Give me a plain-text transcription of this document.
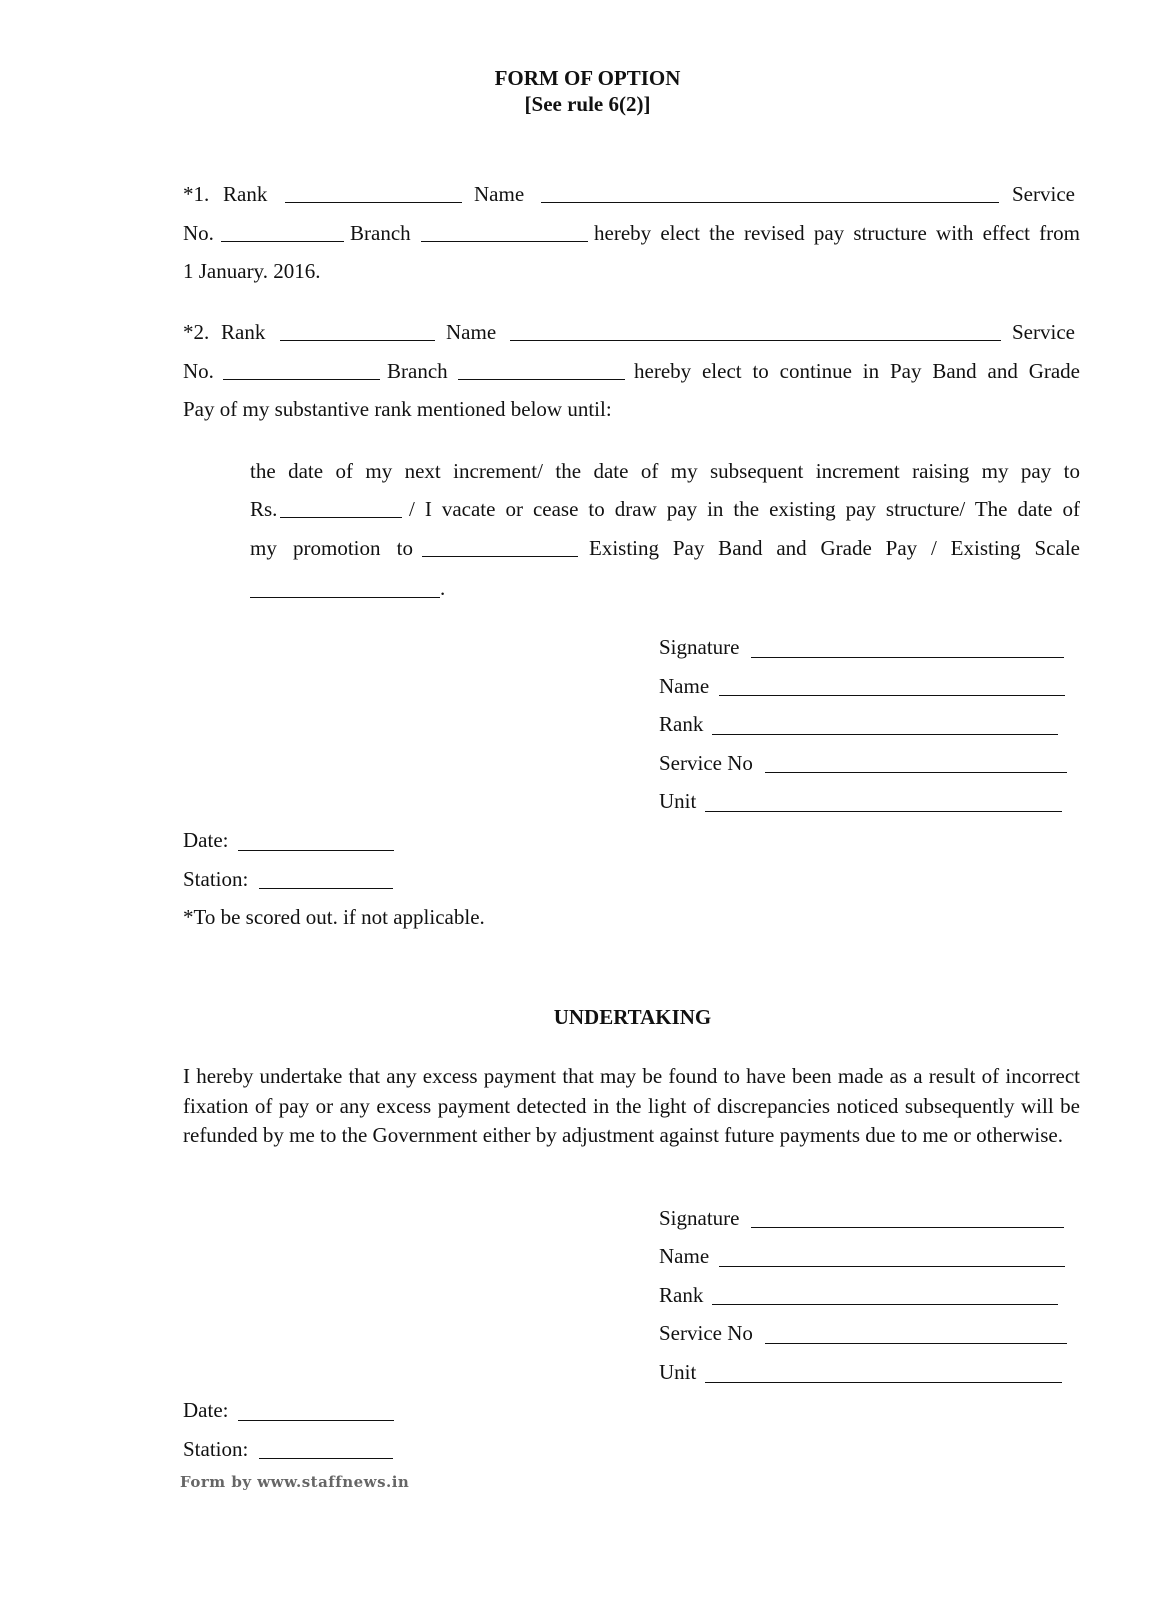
FORM OF OPTION
[See rule 6(2)]
*1. Rank	Name	Service
No.	Branch	hereby elect the revised pay structure with effect from
1 January. 2016.
*2. Rank	Name	Service
No.	Branch	hereby elect to continue in Pay Band and Grade
Pay of my substantive rank mentioned below until:
the date of my next increment/ the date of my subsequent increment raising my pay to
Rs.	/ I vacate or cease to draw pay in the existing pay structure/ The date of
my promotion to	Existing Pay Band and Grade Pay / Existing Scale
.
Signature
Name
Rank
Service No
Unit
Date:
Station:
*To be scored out. if not applicable.
UNDERTAKING
I hereby undertake that any excess payment that may be found to have been made as a result of incorrect fixation of pay or any excess payment detected in the light of discrepancies noticed subsequently will be refunded by me to the Government either by adjustment against future payments due to me or otherwise.
Signature
Name
Rank
Service No
Unit
Date:
Station:
Form by www.staffnews.in
